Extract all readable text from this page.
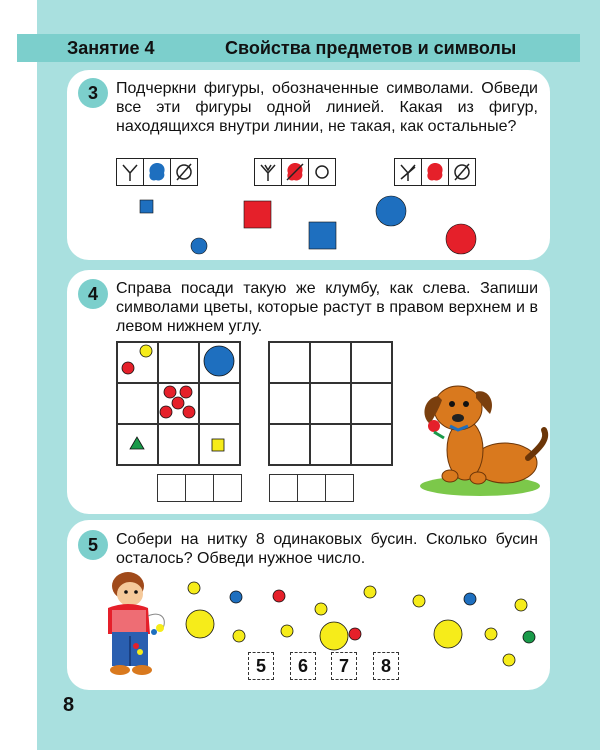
Занятие 4	Свойства предметов и символы
3	Подчеркни фигуры, обозначенные символами. Обведи все эти фигуры одной линией. Какая из фигур, находящихся внутри линии, не такая, как остальные?
4	Справа посади такую же клумбу, как слева. Запиши символами цветы, которые растут в правом верхнем и в левом нижнем углу.
5	Собери на нитку 8 одинаковых бусин. Сколько бусин осталось? Обведи нужное число.
5	6	7	8
8
